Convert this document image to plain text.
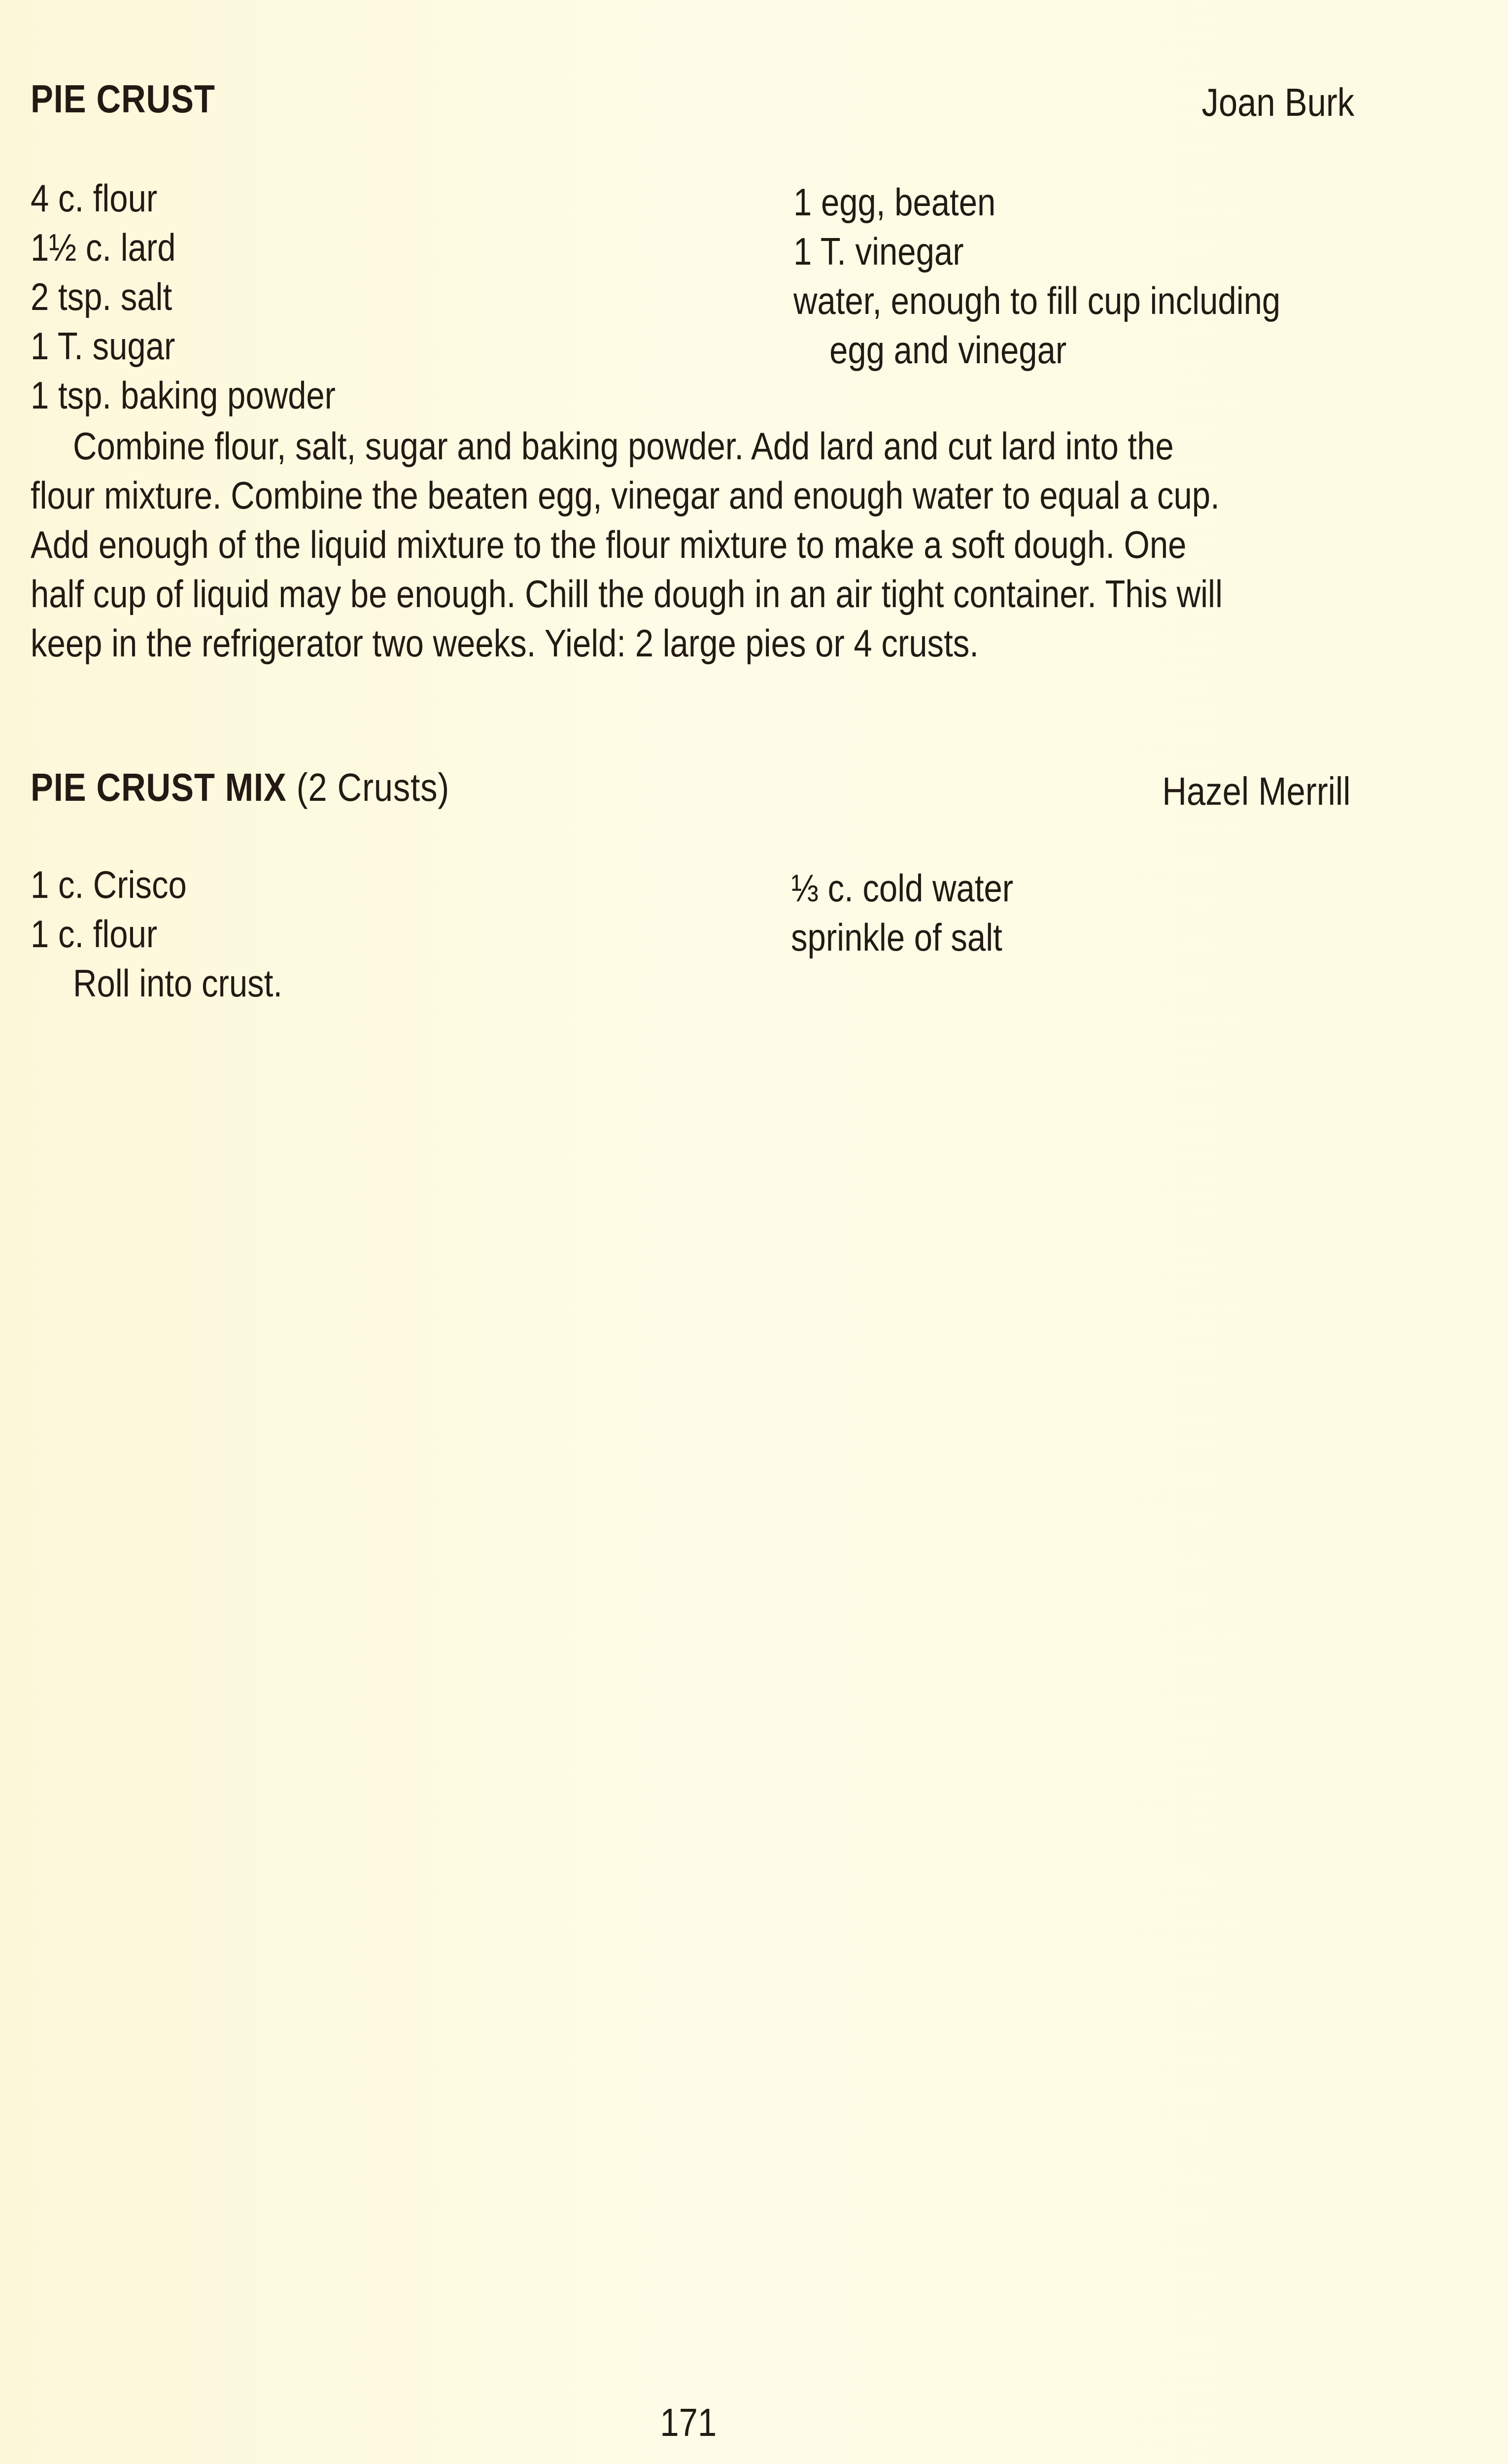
PIE CRUST	Joan Burk
4 c. flour
1½ c. lard
2 tsp. salt
1 T. sugar
1 tsp. baking powder
1 egg, beaten
1 T. vinegar
water, enough to fill cup including
egg and vinegar
Combine flour, salt, sugar and baking powder. Add lard and cut lard into the
flour mixture. Combine the beaten egg, vinegar and enough water to equal a cup.
Add enough of the liquid mixture to the flour mixture to make a soft dough. One
half cup of liquid may be enough. Chill the dough in an air tight container. This will
keep in the refrigerator two weeks. Yield: 2 large pies or 4 crusts.
PIE CRUST MIX (2 Crusts)	Hazel Merrill
1 c. Crisco
1 c. flour
Roll into crust.
⅓ c. cold water
sprinkle of salt
171
